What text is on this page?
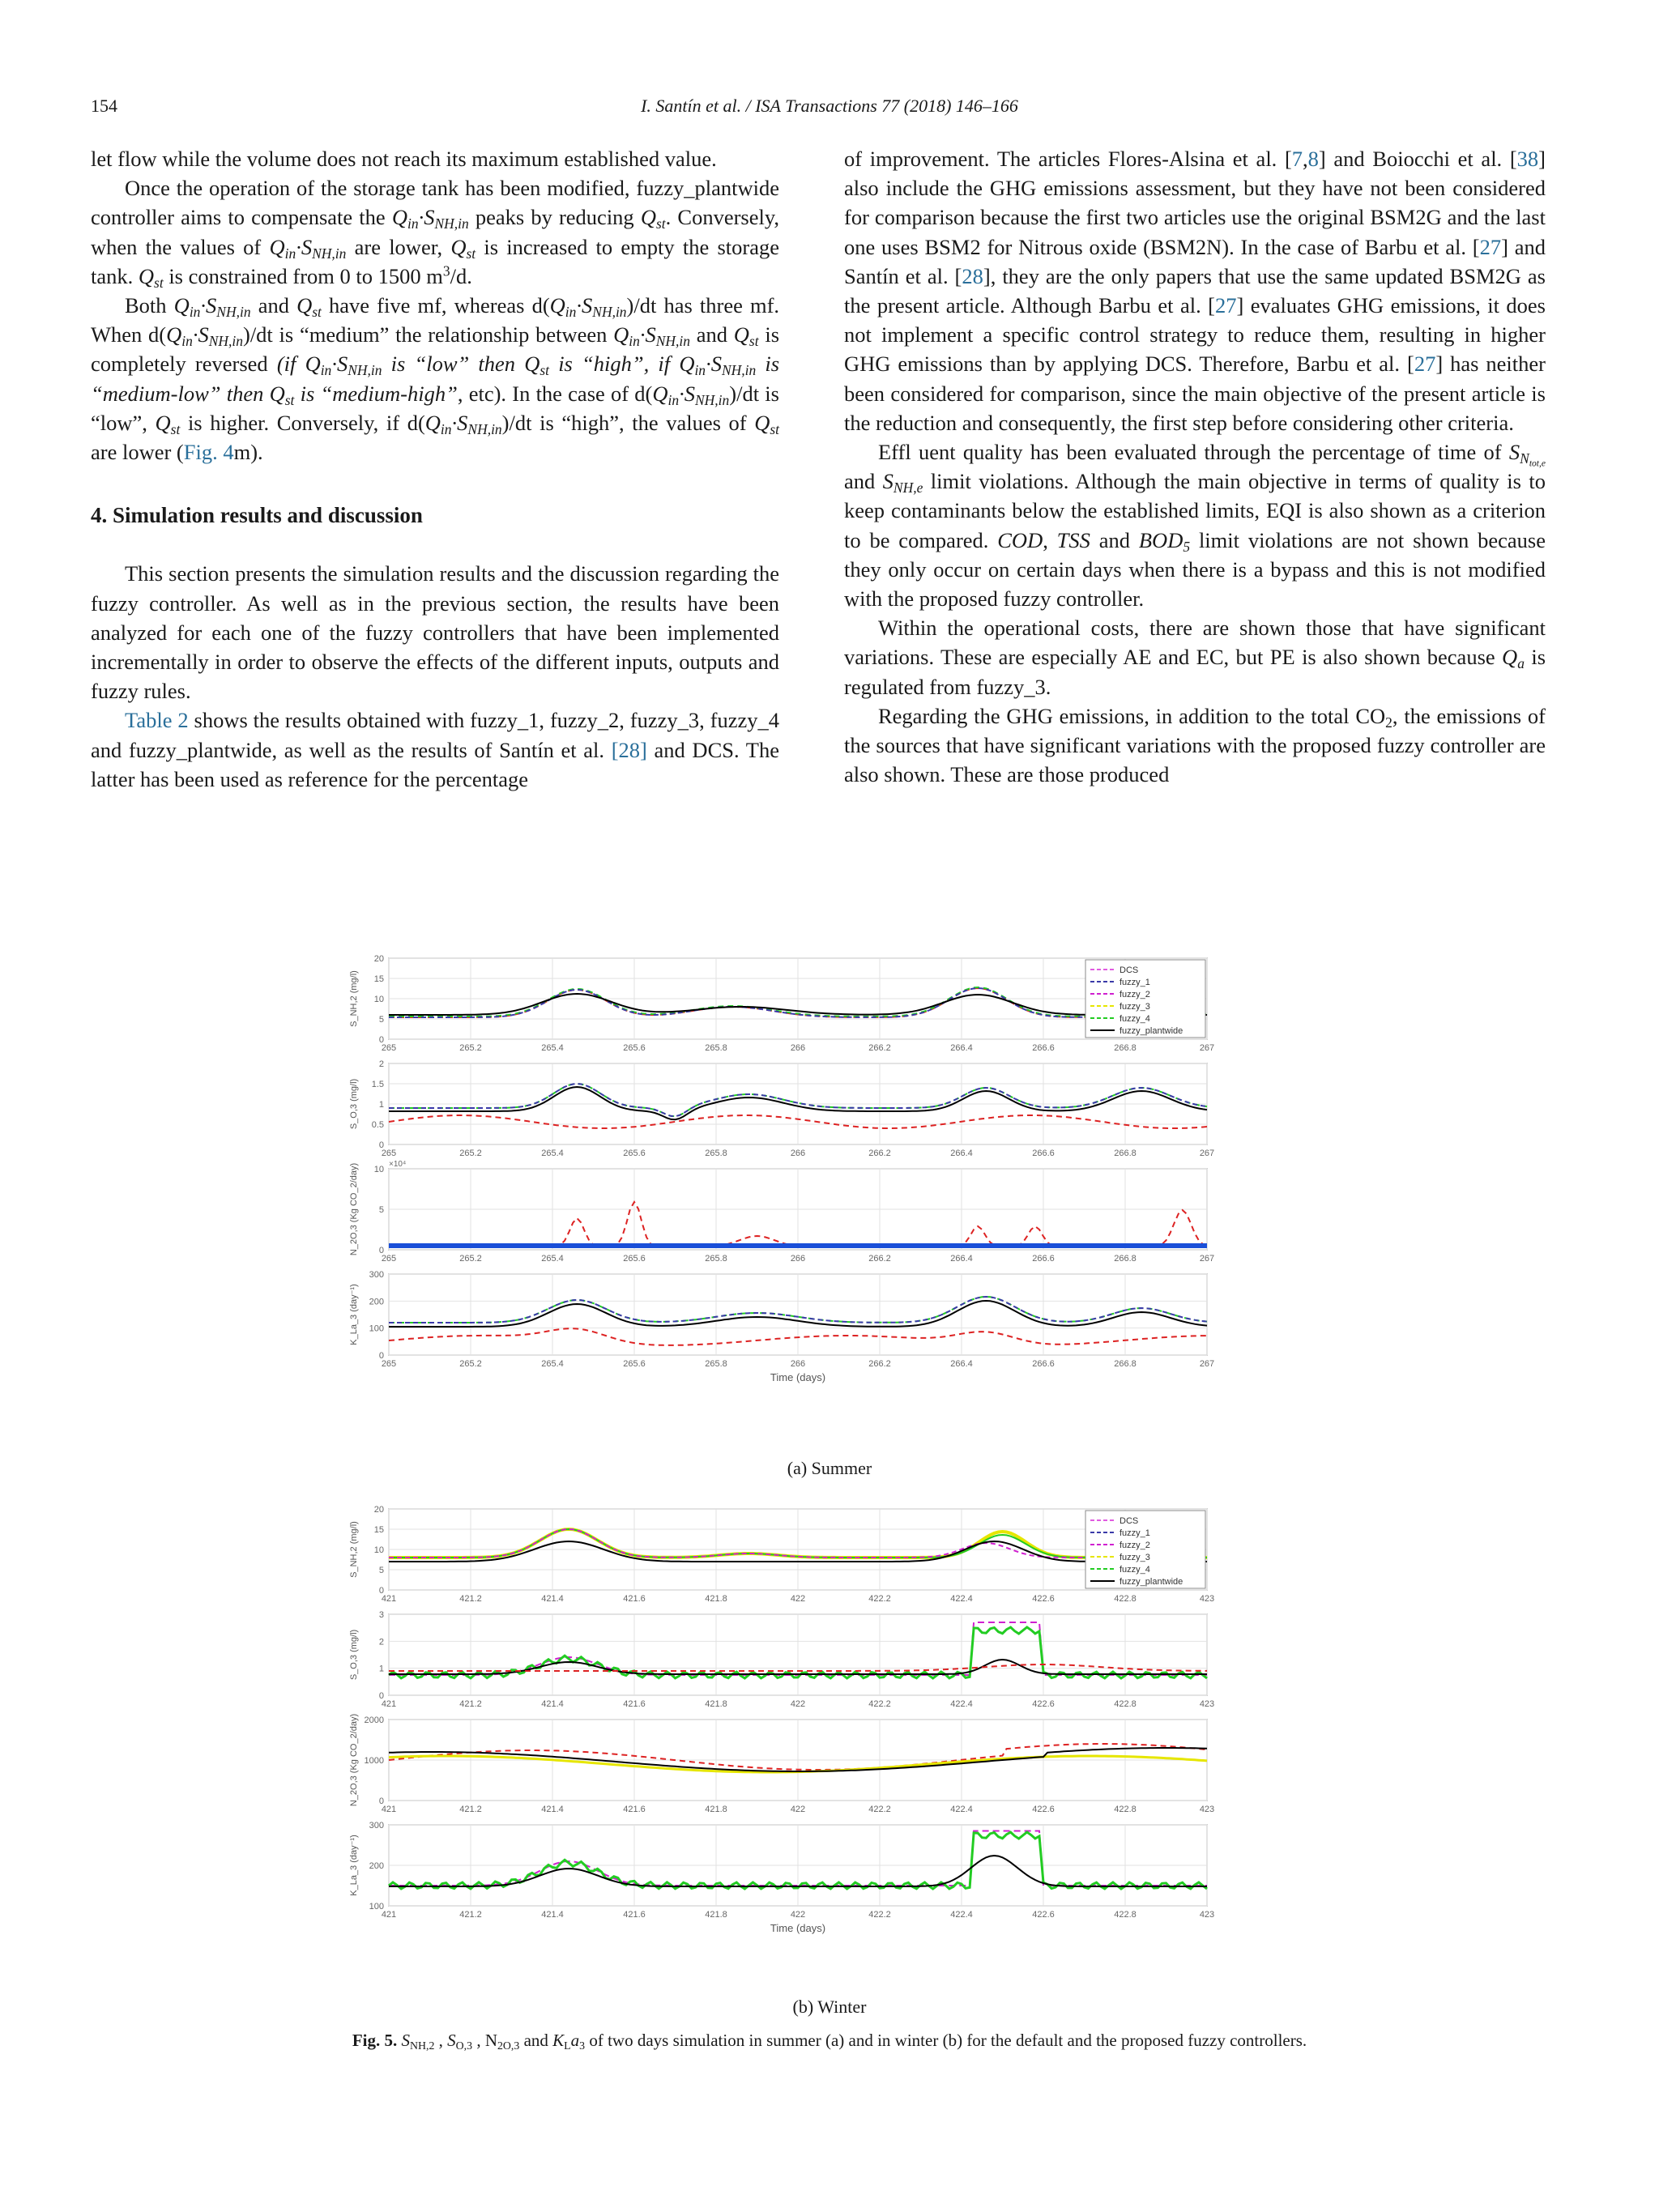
154	I. Santín et al. / ISA Transactions 77 (2018) 146–166

let flow while the volume does not reach its maximum established value.

Once the operation of the storage tank has been modified, fuzzy_plantwide controller aims to compensate the $Q_{in}\cdot S_{NH,in}$ peaks by reducing $Q_{st}$. Conversely, when the values of $Q_{in}\cdot S_{NH,in}$ are lower, $Q_{st}$ is increased to empty the storage tank. $Q_{st}$ is constrained from 0 to 1500 $m^3/d$.

Both $Q_{in}\cdot S_{NH,in}$ and $Q_{st}$ have five mf, whereas $d(Q_{in}\cdot S_{NH,in})/dt$ has three mf. When $d(Q_{in}\cdot S_{NH,in})/dt$ is “medium” the relationship between $Q_{in}\cdot S_{NH,in}$ and $Q_{st}$ is completely reversed (if $Q_{in}\cdot S_{NH,in}$ is “low” then $Q_{st}$ is “high”, if $Q_{in}\cdot S_{NH,in}$ is “medium-low” then $Q_{st}$ is “medium-high”, etc). In the case of $d(Q_{in}\cdot S_{NH,in})/dt$ is “low”, $Q_{st}$ is higher. Conversely, if $d(Q_{in}\cdot S_{NH,in})/dt$ is “high”, the values of $Q_{st}$ are lower (Fig. 4m).

4. Simulation results and discussion

This section presents the simulation results and the discussion regarding the fuzzy controller. As well as in the previous section, the results have been analyzed for each one of the fuzzy controllers that have been implemented incrementally in order to observe the effects of the different inputs, outputs and fuzzy rules.

Table 2 shows the results obtained with fuzzy_1, fuzzy_2, fuzzy_3, fuzzy_4 and fuzzy_plantwide, as well as the results of Santín et al. [28] and DCS. The latter has been used as reference for the percentage

of improvement. The articles Flores-Alsina et al. [7,8] and Boiocchi et al. [38] also include the GHG emissions assessment, but they have not been considered for comparison because the first two articles use the original BSM2G and the last one uses BSM2 for Nitrous oxide (BSM2N). In the case of Barbu et al. [27] and Santín et al. [28], they are the only papers that use the same updated BSM2G as the present article. Although Barbu et al. [27] evaluates GHG emissions, it does not implement a specific control strategy to reduce them, resulting in higher GHG emissions than by applying DCS. Therefore, Barbu et al. [27] has neither been considered for comparison, since the main objective of the present article is the reduction and consequently, the first step before considering other criteria.

Effl uent quality has been evaluated through the percentage of time of $S_{N_{tot,e}}$ and $S_{NH,e}$ limit violations. Although the main objective in terms of quality is to keep contaminants below the established limits, EQI is also shown as a criterion to be compared. COD, TSS and $BOD_5$ limit violations are not shown because they only occur on certain days when there is a bypass and this is not modified with the proposed fuzzy controller.

Within the operational costs, there are shown those that have significant variations. These are especially AE and EC, but PE is also shown because $Q_a$ is regulated from fuzzy_3.

Regarding the GHG emissions, in addition to the total $CO_2$, the emissions of the sources that have significant variations with the proposed fuzzy controller are also shown. These are those produced

265	265.2	265.4	265.6	265.8	266	266.2	266.4	266.6	266.8	267
0
5
10
15
20
S_NH,2 (mg/l)
265	265.2	265.4	265.6	265.8	266	266.2	266.4	266.6	266.8	267
0
0.5
1
1.5
2
S_O,3 (mg/l)
265	265.2	265.4	265.6	265.8	266	266.2	266.4	266.6	266.8	267
0
5
10
×10⁴
N_2O,3 (Kg CO_2/day)
265	265.2	265.4	265.6	265.8	266	266.2	266.4	266.6	266.8	267
0
100
200
300
K_La_3 (day⁻¹)
Time (days)
DCS
fuzzy_1
fuzzy_2
fuzzy_3
fuzzy_4
fuzzy_plantwide
(a) Summer
421	421.2	421.4	421.6	421.8	422	422.2	422.4	422.6	422.8	423
0
5
10
15
20
S_NH,2 (mg/l)
421	421.2	421.4	421.6	421.8	422	422.2	422.4	422.6	422.8	423
0
1
2
3
S_O,3 (mg/l)
421	421.2	421.4	421.6	421.8	422	422.2	422.4	422.6	422.8	423
0
1000
2000
N_2O,3 (Kg CO_2/day)
421	421.2	421.4	421.6	421.8	422	422.2	422.4	422.6	422.8	423
100
200
300
K_La_3 (day⁻¹)
Time (days)
DCS
fuzzy_1
fuzzy_2
fuzzy_3
fuzzy_4
fuzzy_plantwide
(b) Winter
Fig. 5. $S_{NH,2}$ , $S_{O,3}$ , $N_{2O,3}$ and $K_La_3$ of two days simulation in summer (a) and in winter (b) for the default and the proposed fuzzy controllers.
